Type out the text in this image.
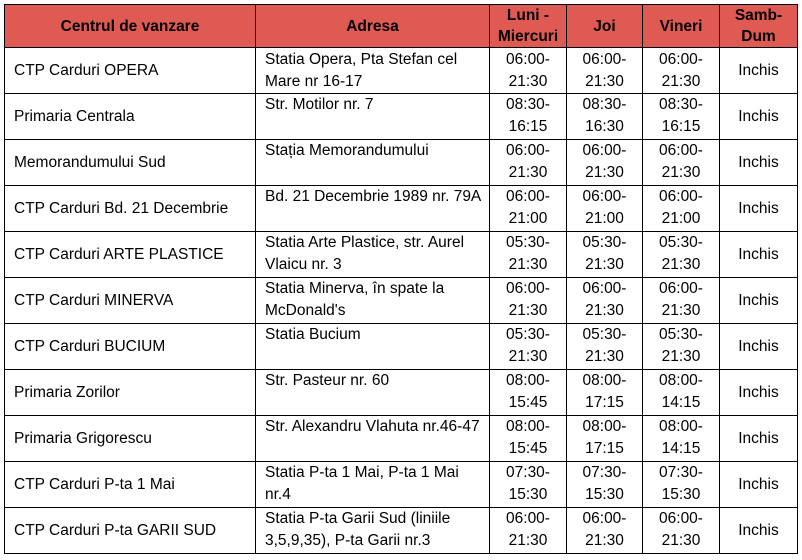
Centrul de vanzare	Adresa	Luni -
Miercuri	Joi	Vineri	Samb-
Dum

CTP Carduri OPERA	Statia Opera, Pta Stefan cel Mare nr 16-17	06:00-
21:30	06:00-
21:30	06:00-
21:30	Inchis
Primaria Centrala	Str. Motilor nr. 7	08:30-
16:15	08:30-
16:30	08:30-
16:15	Inchis
Memorandumului Sud	Stația Memorandumului	06:00-
21:30	06:00-
21:30	06:00-
21:30	Inchis
CTP Carduri Bd. 21 Decembrie	Bd. 21 Decembrie 1989 nr. 79A	06:00-
21:00	06:00-
21:00	06:00-
21:00	Inchis
CTP Carduri ARTE PLASTICE	Statia Arte Plastice, str. Aurel Vlaicu nr. 3	05:30-
21:30	05:30-
21:30	05:30-
21:30	Inchis
CTP Carduri MINERVA	Statia Minerva, în spate la McDonald's	06:00-
21:30	06:00-
21:30	06:00-
21:30	Inchis
CTP Carduri BUCIUM	Statia Bucium	05:30-
21:30	05:30-
21:30	05:30-
21:30	Inchis
Primaria Zorilor	Str. Pasteur nr. 60	08:00-
15:45	08:00-
17:15	08:00-
14:15	Inchis
Primaria Grigorescu	Str. Alexandru Vlahuta nr.46-47	08:00-
15:45	08:00-
17:15	08:00-
14:15	Inchis
CTP Carduri P-ta 1 Mai	Statia P-ta 1 Mai, P-ta 1 Mai nr.4	07:30-
15:30	07:30-
15:30	07:30-
15:30	Inchis
CTP Carduri P-ta GARII SUD	Statia P-ta Garii Sud (liniile 3,5,9,35), P-ta Garii nr.3	06:00-
21:30	06:00-
21:30	06:00-
21:30	Inchis
